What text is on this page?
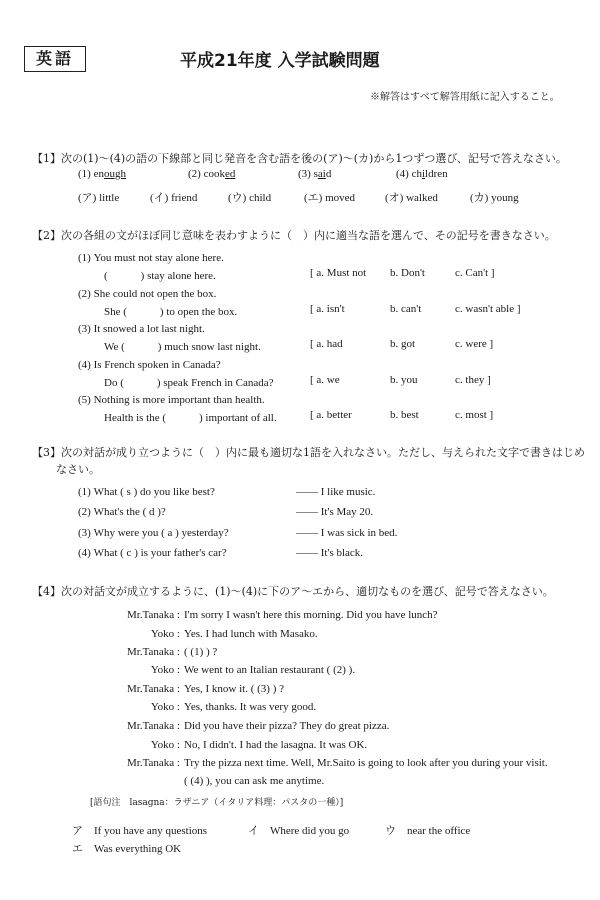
英語	平成21年度 入学試験問題
※解答はすべて解答用紙に記入すること。
【1】次の(1)～(4)の語の下線部と同じ発音を含む語を後の(ア)～(カ)から1つずつ選び、記号で答えなさい。
(1) enough	(2) cooked	(3) said	(4) children
(ア) little	(イ) friend	(ウ) child	(エ) moved	(オ) walked	(カ) young
【2】次の各組の文がほぼ同じ意味を表わすように（　）内に適当な語を選んで、その記号を書きなさい。
(1) You must not stay alone here.
(　　　) stay alone here.	[ a. Must not b. Don't	c. Can't ]
(2) She could not open the box.
She (　　　) to open the box.	[ a. isn't	b. can't	c. wasn't able ]
(3) It snowed a lot last night.
We (　　　) much snow last night.	[ a. had	b. got	c. were ]
(4) Is French spoken in Canada?
Do (　　　) speak French in Canada?	[ a. we	b. you	c. they ]
(5) Nothing is more important than health.
Health is the (　　　) important of all.	[ a. better	b. best	c. most ]
【3】次の対話が成り立つように（　）内に最も適切な1語を入れなさい。ただし、与えられた文字で書きはじめ
なさい。
(1) What ( s ) do you like best?	—— I like music.
(2) What's the ( d )?	—— It's May 20.
(3) Why were you ( a ) yesterday?	—— I was sick in bed.
(4) What ( c ) is your father's car?	—— It's black.
【4】次の対話文が成立するように、(1)～(4)に下のア～エから、適切なものを選び、記号で答えなさい。
Mr.Tanaka : I'm sorry I wasn't here this morning. Did you have lunch?
Yoko : Yes. I had lunch with Masako.
Mr.Tanaka : ( (1) ) ?
Yoko : We went to an Italian restaurant ( (2) ).
Mr.Tanaka : Yes, I know it. ( (3) ) ?
Yoko : Yes, thanks. It was very good.
Mr.Tanaka : Did you have their pizza? They do great pizza.
Yoko : No, I didn't. I had the lasagna. It was OK.
Mr.Tanaka : Try the pizza next time. Well, Mr.Saito is going to look after you during your visit.
( (4) ), you can ask me anytime.
[語句注　lasagna：ラザニア（イタリア料理：パスタの一種）]
ア　If you have any questions	イ　Where did you go	ウ　near the office
エ　Was everything OK
